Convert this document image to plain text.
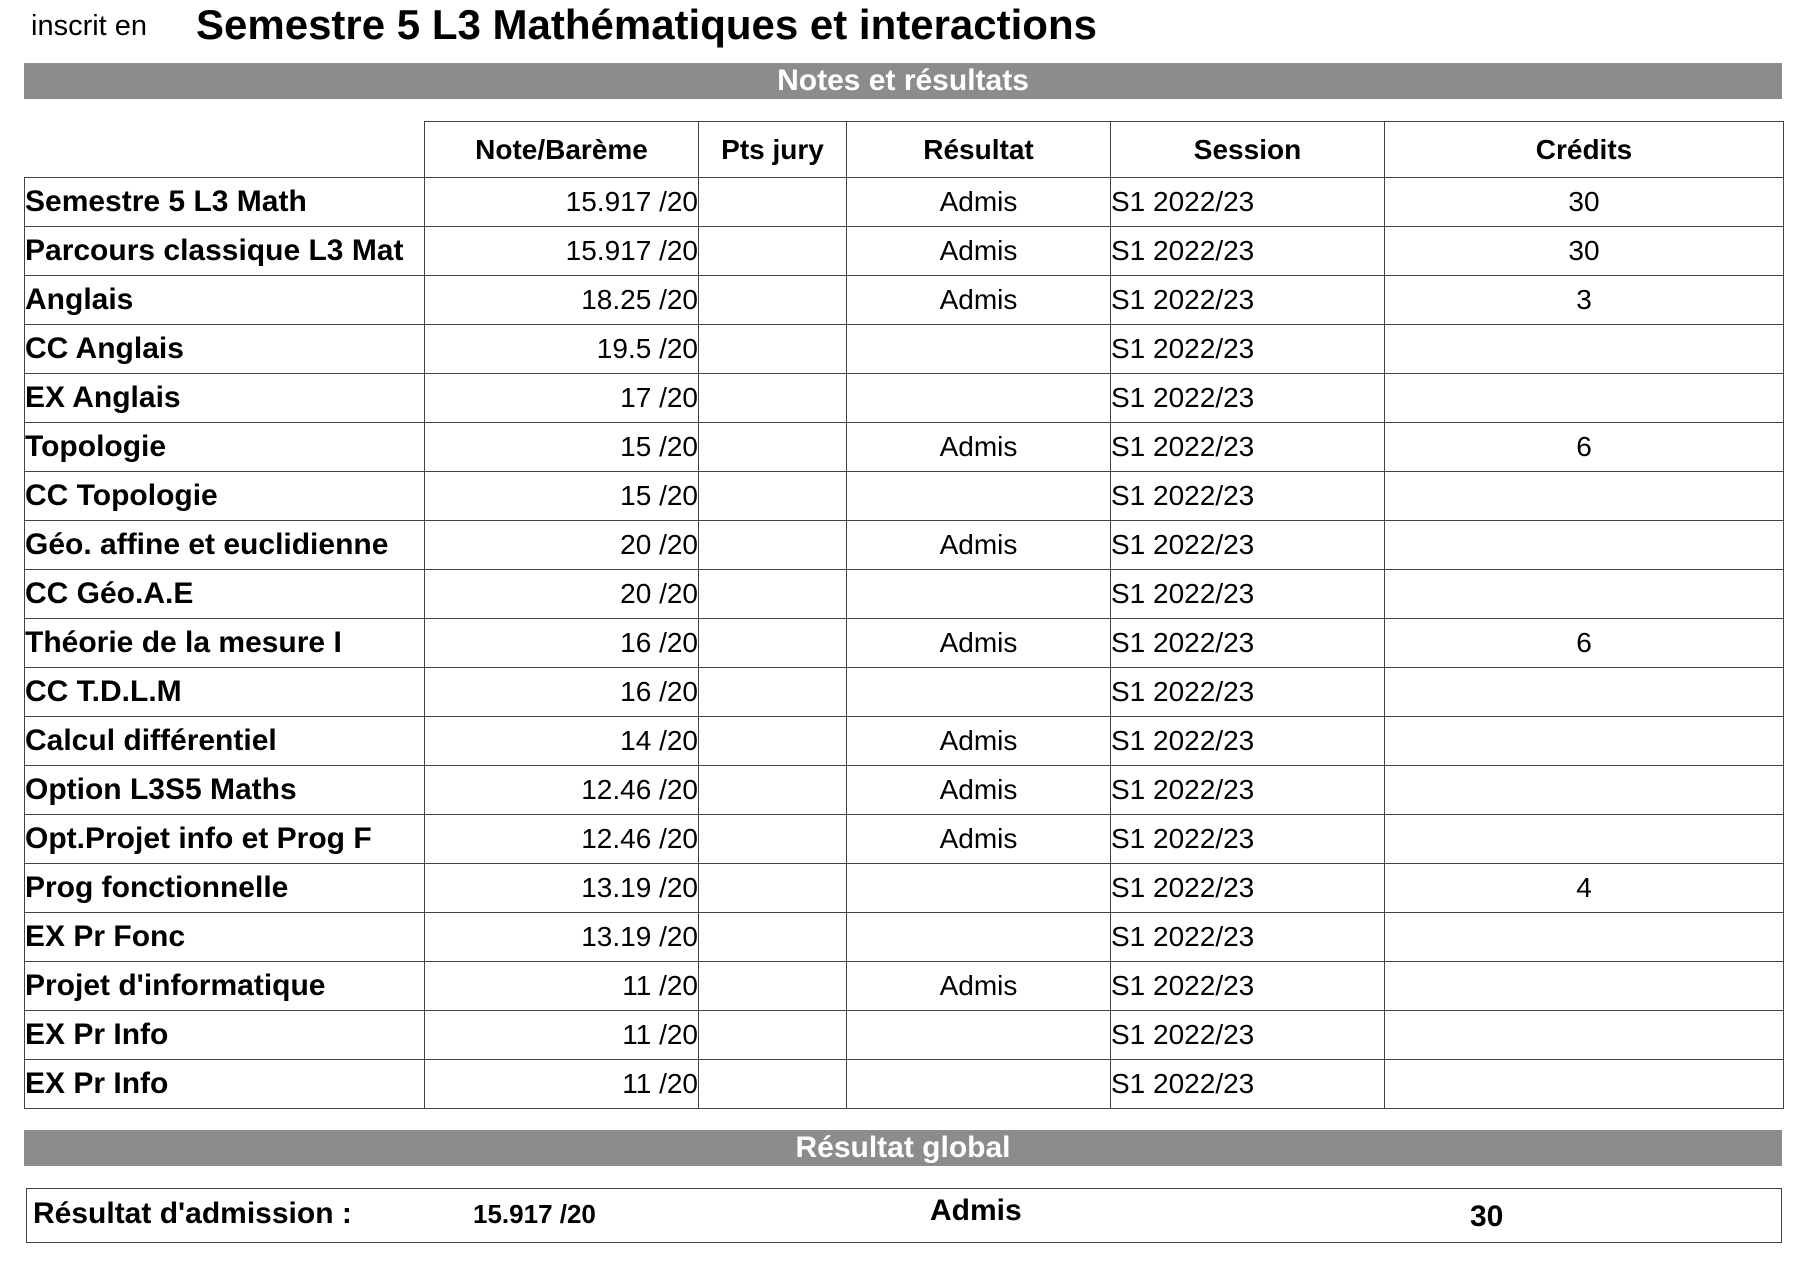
inscrit en Semestre 5 L3 Mathématiques et interactions
Notes et résultats
	Note/Barème	Pts jury	Résultat	Session	Crédits
Semestre 5 L3 Math	15.917 /20		Admis	S1 2022/23	30
Parcours classique L3 Mat	15.917 /20		Admis	S1 2022/23	30
Anglais	18.25 /20		Admis	S1 2022/23	3
CC Anglais	19.5 /20			S1 2022/23	
EX Anglais	17 /20			S1 2022/23	
Topologie	15 /20		Admis	S1 2022/23	6
CC Topologie	15 /20			S1 2022/23	
Géo. affine et euclidienne	20 /20		Admis	S1 2022/23	
CC Géo.A.E	20 /20			S1 2022/23	
Théorie de la mesure I	16 /20		Admis	S1 2022/23	6
CC T.D.L.M	16 /20			S1 2022/23	
Calcul différentiel	14 /20		Admis	S1 2022/23	
Option L3S5 Maths	12.46 /20		Admis	S1 2022/23	
Opt.Projet info et Prog F	12.46 /20		Admis	S1 2022/23	
Prog fonctionnelle	13.19 /20			S1 2022/23	4
EX Pr Fonc	13.19 /20			S1 2022/23	
Projet d'informatique	11 /20		Admis	S1 2022/23	
EX Pr Info	11 /20			S1 2022/23	
EX Pr Info	11 /20			S1 2022/23	
Résultat global
Résultat d'admission :	15.917 /20	Admis	30
